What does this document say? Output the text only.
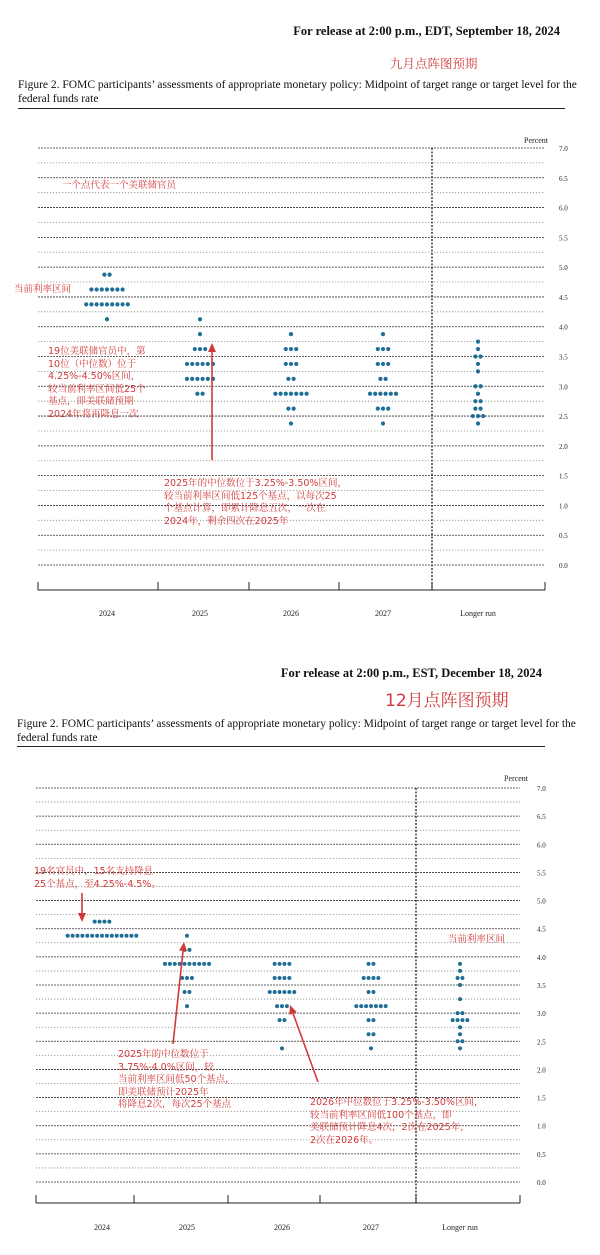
For release at 2:00 p.m., EDT, September 18, 2024
九月点阵图预期
Figure 2. FOMC participants’ assessments of appropriate monetary policy: Midpoint of target range or target level for the federal funds rate
7.0
6.5
6.0
5.5
5.0
4.5
4.0
3.5
3.0
2.5
2.0
1.5
1.0
0.5
0.0
Percent
2024	2025	2026	2027	Longer run
一个点代表一个美联储官员
当前利率区间
19位美联储官员中，第
10位（中位数）位于
4.25%-4.50%区间，
较当前利率区间低25个
基点，即美联储预期
2024年将再降息一次
2025年的中位数位于3.25%-3.50%区间，
较当前利率区间低125个基点，以每次25
个基点计算，即累计降息五次，一次在
2024年，剩余四次在2025年
For release at 2:00 p.m., EST, December 18, 2024
12月点阵图预期
Figure 2. FOMC participants’ assessments of appropriate monetary policy: Midpoint of target range or target level for the federal funds rate
7.0
6.5
6.0
5.5
5.0
4.5
4.0
3.5
3.0
2.5
2.0
1.5
1.0
0.5
0.0
Percent
2024	2025	2026	2027	Longer run
19名官员中，15名支持降息
25个基点，至4.25%-4.5%。
当前利率区间
2025年的中位数位于
3.75%-4.0%区间，较
当前利率区间低50个基点，
即美联储预计2025年
将降息2次，每次25个基点	2026年中位数位于3.25%-3.50%区间，
较当前利率区间低100个基点，即
美联储预计降息4次，2次在2025年，
2次在2026年。
